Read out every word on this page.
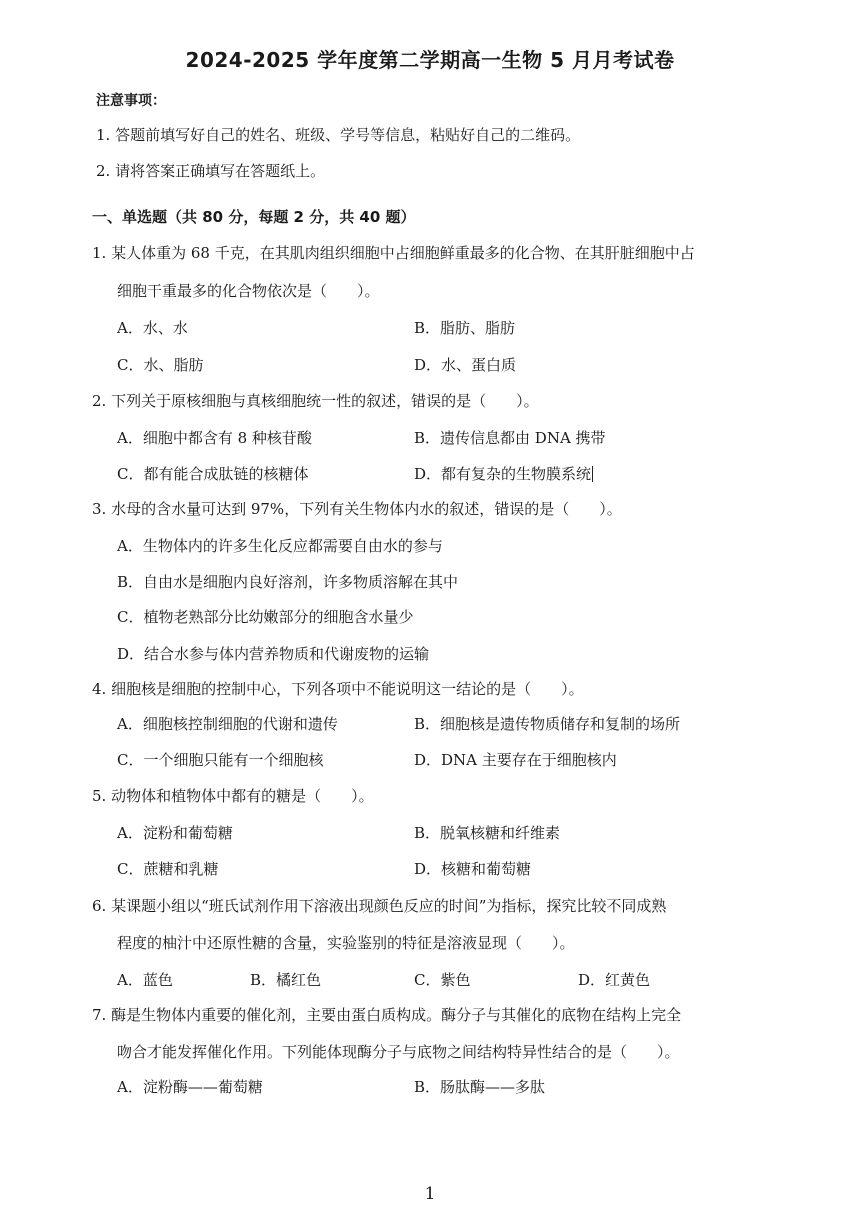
2024-2025 学年度第二学期高一生物 5 月月考试卷
注意事项：
1. 答题前填写好自己的姓名、班级、学号等信息，粘贴好自己的二维码。
2. 请将答案正确填写在答题纸上。
一、单选题（共 80 分，每题 2 分，共 40 题）
1. 某人体重为 68 千克，在其肌肉组织细胞中占细胞鲜重最多的化合物、在其肝脏细胞中占
细胞干重最多的化合物依次是（　　）。
A．水、水	B．脂肪、脂肪
C．水、脂肪	D．水、蛋白质
2. 下列关于原核细胞与真核细胞统一性的叙述，错误的是（　　）。
A．细胞中都含有 8 种核苷酸	B．遗传信息都由 DNA 携带
C．都有能合成肽链的核糖体	D．都有复杂的生物膜系统
3. 水母的含水量可达到 97%，下列有关生物体内水的叙述，错误的是（　　）。
A．生物体内的许多生化反应都需要自由水的参与
B．自由水是细胞内良好溶剂，许多物质溶解在其中
C．植物老熟部分比幼嫩部分的细胞含水量少
D．结合水参与体内营养物质和代谢废物的运输
4. 细胞核是细胞的控制中心，下列各项中不能说明这一结论的是（　　）。
A．细胞核控制细胞的代谢和遗传	B．细胞核是遗传物质储存和复制的场所
C．一个细胞只能有一个细胞核	D．DNA 主要存在于细胞核内
5. 动物体和植物体中都有的糖是（　　）。
A．淀粉和葡萄糖	B．脱氧核糖和纤维素
C．蔗糖和乳糖	D．核糖和葡萄糖
6. 某课题小组以“班氏试剂作用下溶液出现颜色反应的时间”为指标，探究比较不同成熟
程度的柚汁中还原性糖的含量，实验鉴别的特征是溶液显现（　　）。
A．蓝色	B．橘红色	C．紫色	D．红黄色
7. 酶是生物体内重要的催化剂，主要由蛋白质构成。酶分子与其催化的底物在结构上完全
吻合才能发挥催化作用。下列能体现酶分子与底物之间结构特异性结合的是（　　）。
A．淀粉酶——葡萄糖	B．肠肽酶——多肽
1
